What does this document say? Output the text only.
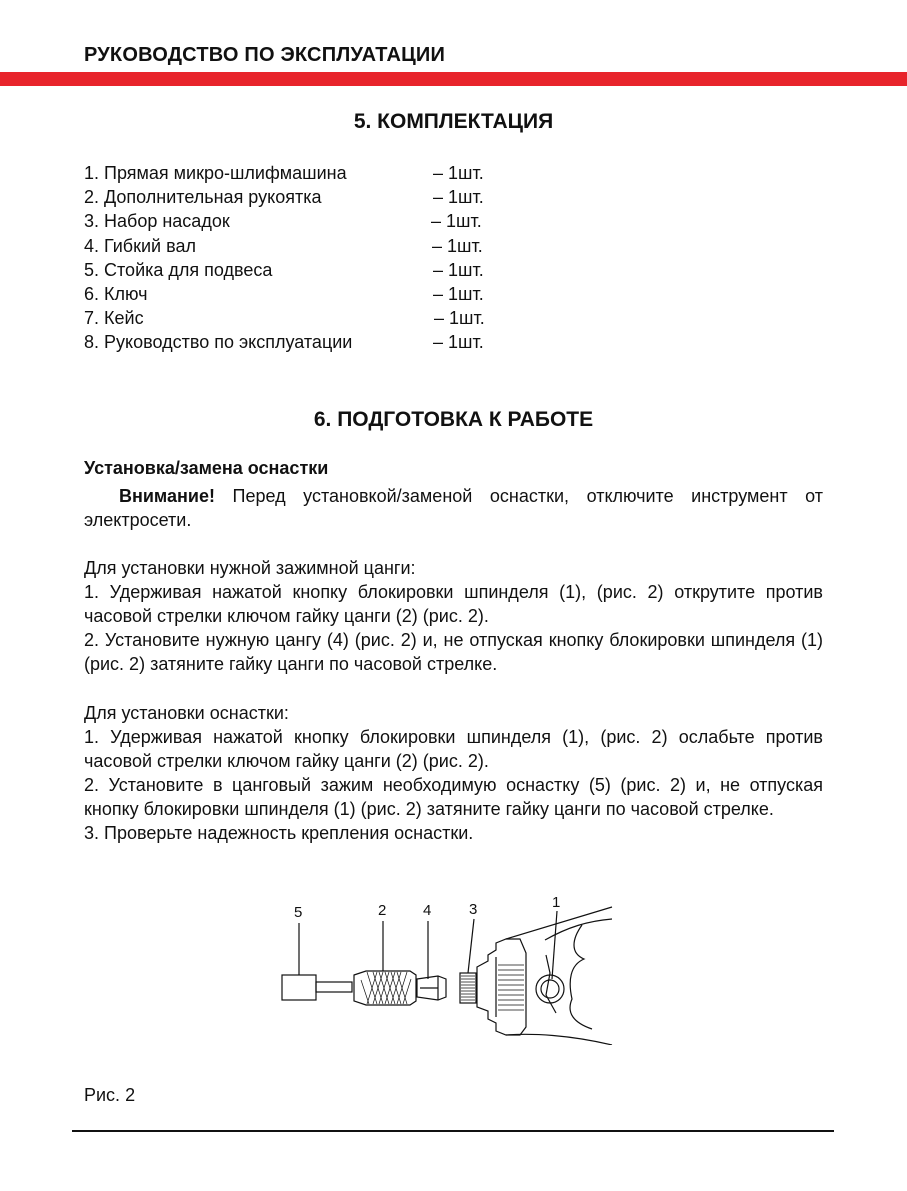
РУКОВОДСТВО ПО ЭКСПЛУАТАЦИИ
5. КОМПЛЕКТАЦИЯ
1. Прямая микро-шлифмашина	– 1шт.
2. Дополнительная рукоятка	– 1шт.
3. Набор насадок	– 1шт.
4. Гибкий вал	– 1шт.
5. Стойка для подвеса	– 1шт.
6. Ключ	– 1шт.
7. Кейс	– 1шт.
8. Руководство по эксплуатации	– 1шт.
6. ПОДГОТОВКА К РАБОТЕ
Установка/замена оснастки

Внимание! Перед установкой/заменой оснастки, отключите инструмент от электросети.

Для установки нужной зажимной цанги:

1. Удерживая нажатой кнопку блокировки шпинделя (1), (рис. 2) открутите против часовой стрелки ключом гайку цанги (2) (рис. 2).

2. Установите нужную цангу (4) (рис. 2) и, не отпуская кнопку блокировки шпинделя (1) (рис. 2) затяните гайку цанги по часовой стрелке.

Для установки оснастки:

1. Удерживая нажатой кнопку блокировки шпинделя (1), (рис. 2) ослабьте против часовой стрелки ключом гайку цанги (2) (рис. 2).

2. Установите в цанговый зажим необходимую оснастку (5) (рис. 2) и, не отпуская кнопку блокировки шпинделя (1) (рис. 2) затяните гайку цанги по часовой стрелке.

3. Проверьте надежность крепления оснастки.

5	2 4	3	1
Рис. 2
